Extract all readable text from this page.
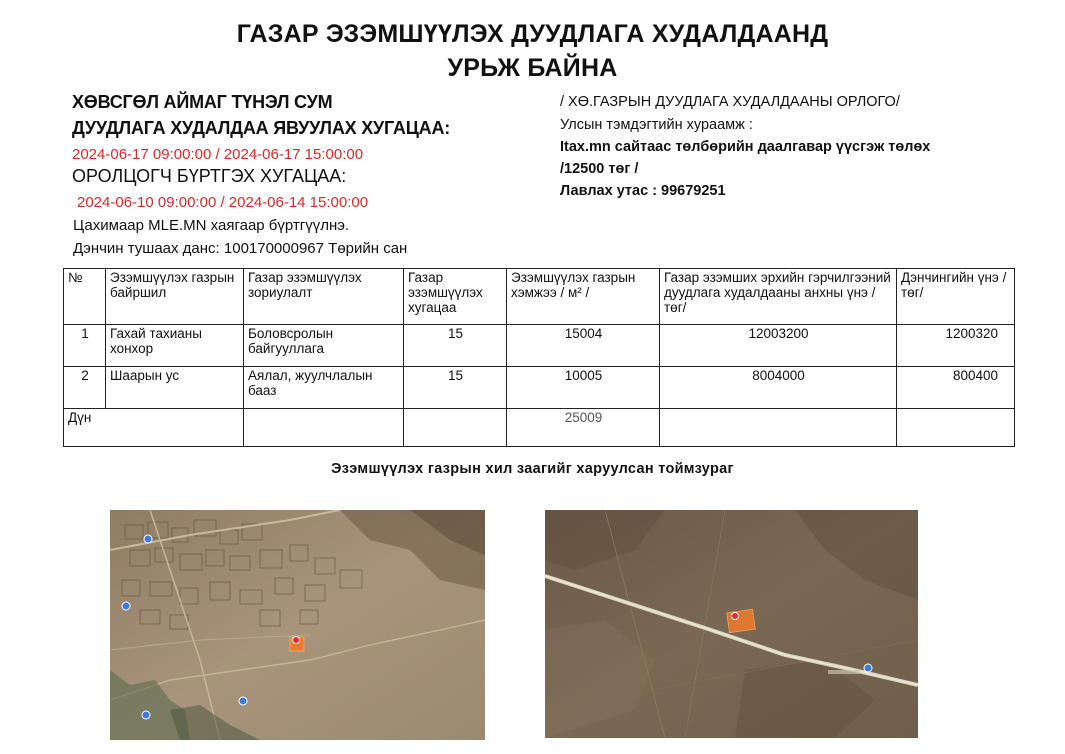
ГАЗАР ЭЗЭМШҮҮЛЭХ ДУУДЛАГА ХУДАЛДААНД
УРЬЖ БАЙНА
ХӨВСГӨЛ АЙМАГ ТҮНЭЛ СУМ
ДУУДЛАГА ХУДАЛДАА ЯВУУЛАХ ХУГАЦАА:
2024-06-17 09:00:00 / 2024-06-17 15:00:00
ОРОЛЦОГЧ БҮРТГЭХ ХУГАЦАА:
2024-06-10 09:00:00 / 2024-06-14 15:00:00
Цахимаар MLE.MN хаягаар бүртгүүлнэ.
Дэнчин тушаах данс: 100170000967 Төрийн сан
/ ХӨ.ГАЗРЫН ДУУДЛАГА ХУДАЛДААНЫ ОРЛОГО/
Улсын тэмдэгтийн хураамж :
Itax.mn сайтаас төлбөрийн даалгавар үүсгэж төлөх
/12500 төг /
Лавлах утас : 99679251
№	Эзэмшүүлэх газрын байршил	Газар эзэмшүүлэх зориулалт	Газар эзэмшүүлэх хугацаа	Эзэмшүүлэх газрын хэмжээ / м² /	Газар эзэмших эрхийн гэрчилгээний дуудлага худалдааны анхны үнэ /төг/	Дэнчингийн үнэ /төг/
1	Гахай тахианы хонхор	Боловсролын байгууллага	15	15004	12003200	1200320
2	Шаарын ус	Аялал, жуулчлалын бааз	15	10005	8004000	800400
Дүн				25009		
Эзэмшүүлэх газрын хил заагийг харуулсан тоймзураг
